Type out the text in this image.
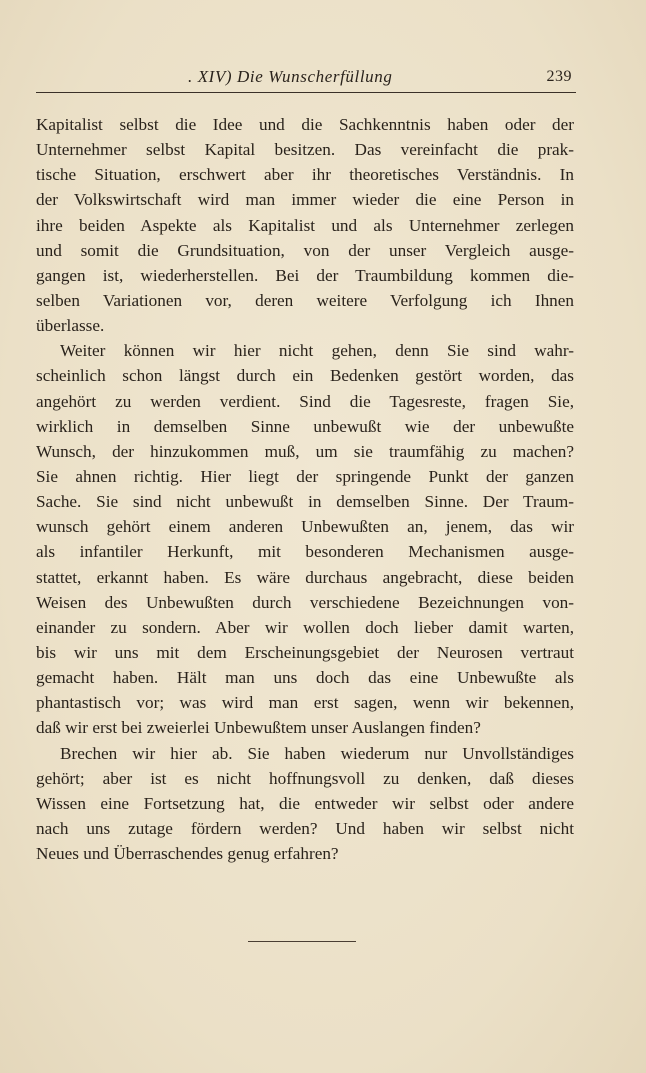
. XIV) Die Wunscherfüllung	239
Kapitalist selbst die Idee und die Sachkenntnis haben oder der
Unternehmer selbst Kapital besitzen. Das vereinfacht die prak-
tische Situation, erschwert aber ihr theoretisches Verständnis. In
der Volkswirtschaft wird man immer wieder die eine Person in
ihre beiden Aspekte als Kapitalist und als Unternehmer zerlegen
und somit die Grundsituation, von der unser Vergleich ausge-
gangen ist, wiederherstellen. Bei der Traumbildung kommen die-
selben Variationen vor, deren weitere Verfolgung ich Ihnen
überlasse.
Weiter können wir hier nicht gehen, denn Sie sind wahr-
scheinlich schon längst durch ein Bedenken gestört worden, das
angehört zu werden verdient. Sind die Tagesreste, fragen Sie,
wirklich in demselben Sinne unbewußt wie der unbewußte
Wunsch, der hinzukommen muß, um sie traumfähig zu machen?
Sie ahnen richtig. Hier liegt der springende Punkt der ganzen
Sache. Sie sind nicht unbewußt in demselben Sinne. Der Traum-
wunsch gehört einem anderen Unbewußten an, jenem, das wir
als infantiler Herkunft, mit besonderen Mechanismen ausge-
stattet, erkannt haben. Es wäre durchaus angebracht, diese beiden
Weisen des Unbewußten durch verschiedene Bezeichnungen von-
einander zu sondern. Aber wir wollen doch lieber damit warten,
bis wir uns mit dem Erscheinungsgebiet der Neurosen vertraut
gemacht haben. Hält man uns doch das eine Unbewußte als
phantastisch vor; was wird man erst sagen, wenn wir bekennen,
daß wir erst bei zweierlei Unbewußtem unser Auslangen finden?
Brechen wir hier ab. Sie haben wiederum nur Unvollständiges
gehört; aber ist es nicht hoffnungsvoll zu denken, daß dieses
Wissen eine Fortsetzung hat, die entweder wir selbst oder andere
nach uns zutage fördern werden? Und haben wir selbst nicht
Neues und Überraschendes genug erfahren?
